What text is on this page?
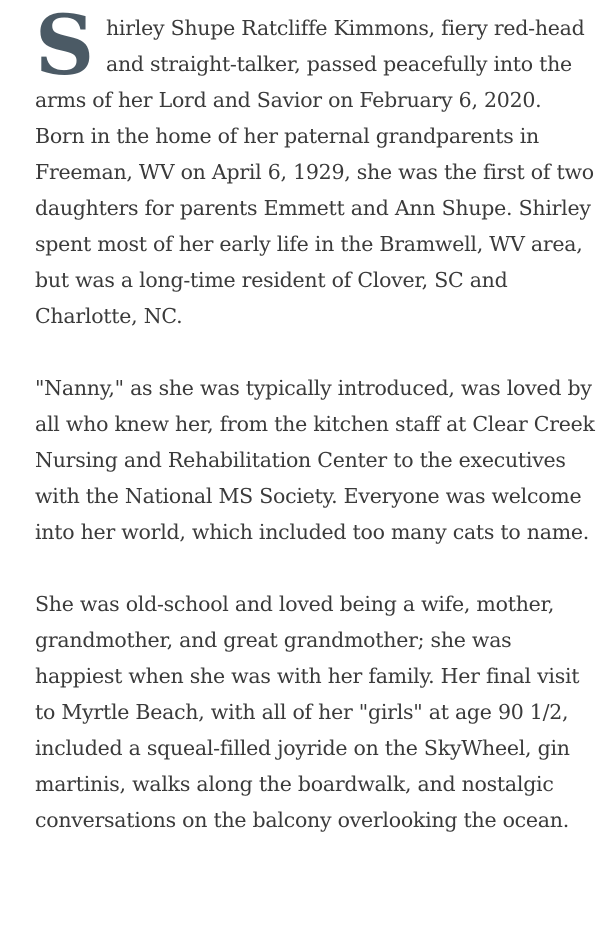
Shirley Shupe Ratcliffe Kimmons, fiery red-head and straight-talker, passed peacefully into the arms of her Lord and Savior on February 6, 2020. Born in the home of her paternal grandparents in Freeman, WV on April 6, 1929, she was the first of two daughters for parents Emmett and Ann Shupe. Shirley spent most of her early life in the Bramwell, WV area, but was a long-time resident of Clover, SC and Charlotte, NC.

"Nanny," as she was typically introduced, was loved by all who knew her, from the kitchen staff at Clear Creek Nursing and Rehabilitation Center to the executives with the National MS Society. Everyone was welcome into her world, which included too many cats to name.

She was old-school and loved being a wife, mother, grandmother, and great grandmother; she was happiest when she was with her family. Her final visit to Myrtle Beach, with all of her "girls" at age 90 1/2, included a squeal-filled joyride on the SkyWheel, gin martinis, walks along the boardwalk, and nostalgic conversations on the balcony overlooking the ocean.
